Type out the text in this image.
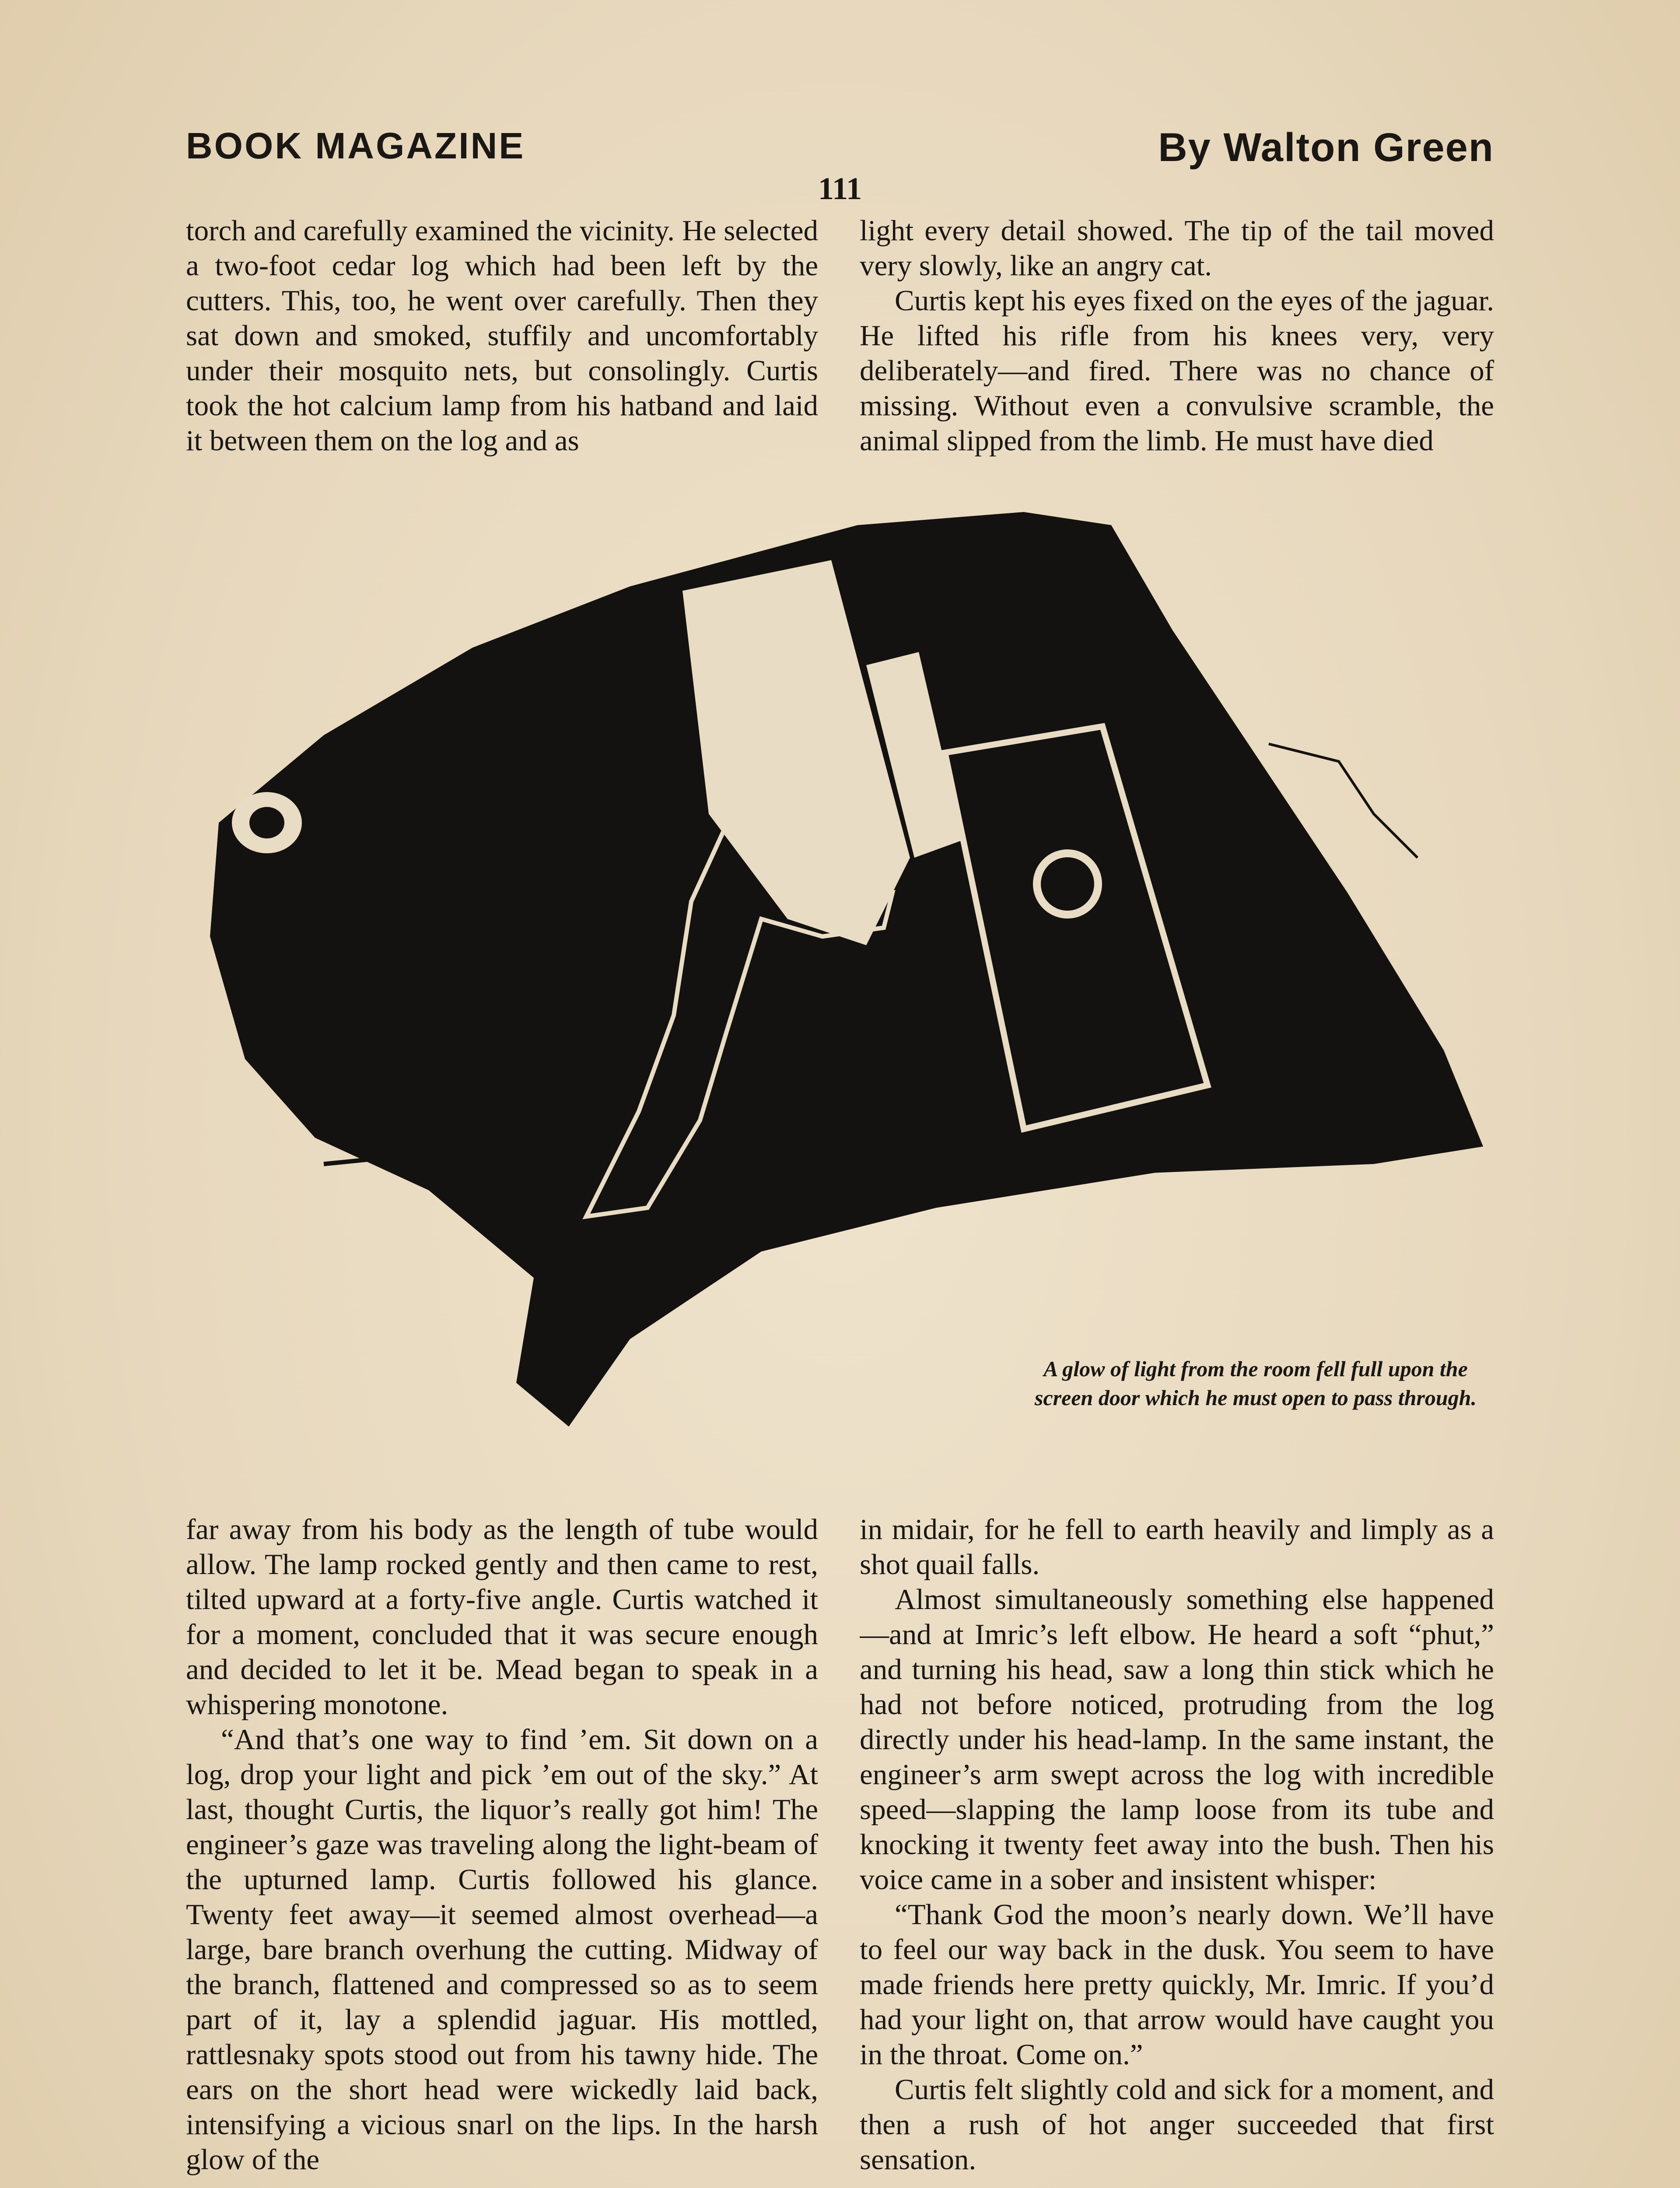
BOOK MAGAZINE	By Walton Green
111

torch and carefully examined the vicinity. He selected a two-foot cedar log which had been left by the cutters. This, too, he went over carefully. Then they sat down and smoked, stuffily and uncomfortably under their mosquito nets, but consolingly. Curtis took the hot calcium lamp from his hatband and laid it between them on the log and as

light every detail showed. The tip of the tail moved very slowly, like an angry cat.

Curtis kept his eyes fixed on the eyes of the jaguar. He lifted his rifle from his knees very, very deliberately—and fired. There was no chance of missing. Without even a convulsive scramble, the animal slipped from the limb. He must have died

A glow of light from the room fell full upon the screen door which he must open to pass through.

far away from his body as the length of tube would allow. The lamp rocked gently and then came to rest, tilted upward at a forty-five angle. Curtis watched it for a moment, concluded that it was secure enough and decided to let it be. Mead began to speak in a whispering monotone.

“And that’s one way to find ’em. Sit down on a log, drop your light and pick ’em out of the sky.” At last, thought Curtis, the liquor’s really got him! The engineer’s gaze was traveling along the light-beam of the upturned lamp. Curtis followed his glance. Twenty feet away—it seemed almost overhead—a large, bare branch overhung the cutting. Midway of the branch, flattened and compressed so as to seem part of it, lay a splendid jaguar. His mottled, rattlesnaky spots stood out from his tawny hide. The ears on the short head were wickedly laid back, intensifying a vicious snarl on the lips. In the harsh glow of the

in midair, for he fell to earth heavily and limply as a shot quail falls.

Almost simultaneously something else happened—and at Imric’s left elbow. He heard a soft “phut,” and turning his head, saw a long thin stick which he had not before noticed, protruding from the log directly under his head-lamp. In the same instant, the engineer’s arm swept across the log with incredible speed—slapping the lamp loose from its tube and knocking it twenty feet away into the bush. Then his voice came in a sober and insistent whisper:

“Thank God the moon’s nearly down. We’ll have to feel our way back in the dusk. You seem to have made friends here pretty quickly, Mr. Imric. If you’d had your light on, that arrow would have caught you in the throat. Come on.”

Curtis felt slightly cold and sick for a moment, and then a rush of hot anger succeeded that first sensation.
